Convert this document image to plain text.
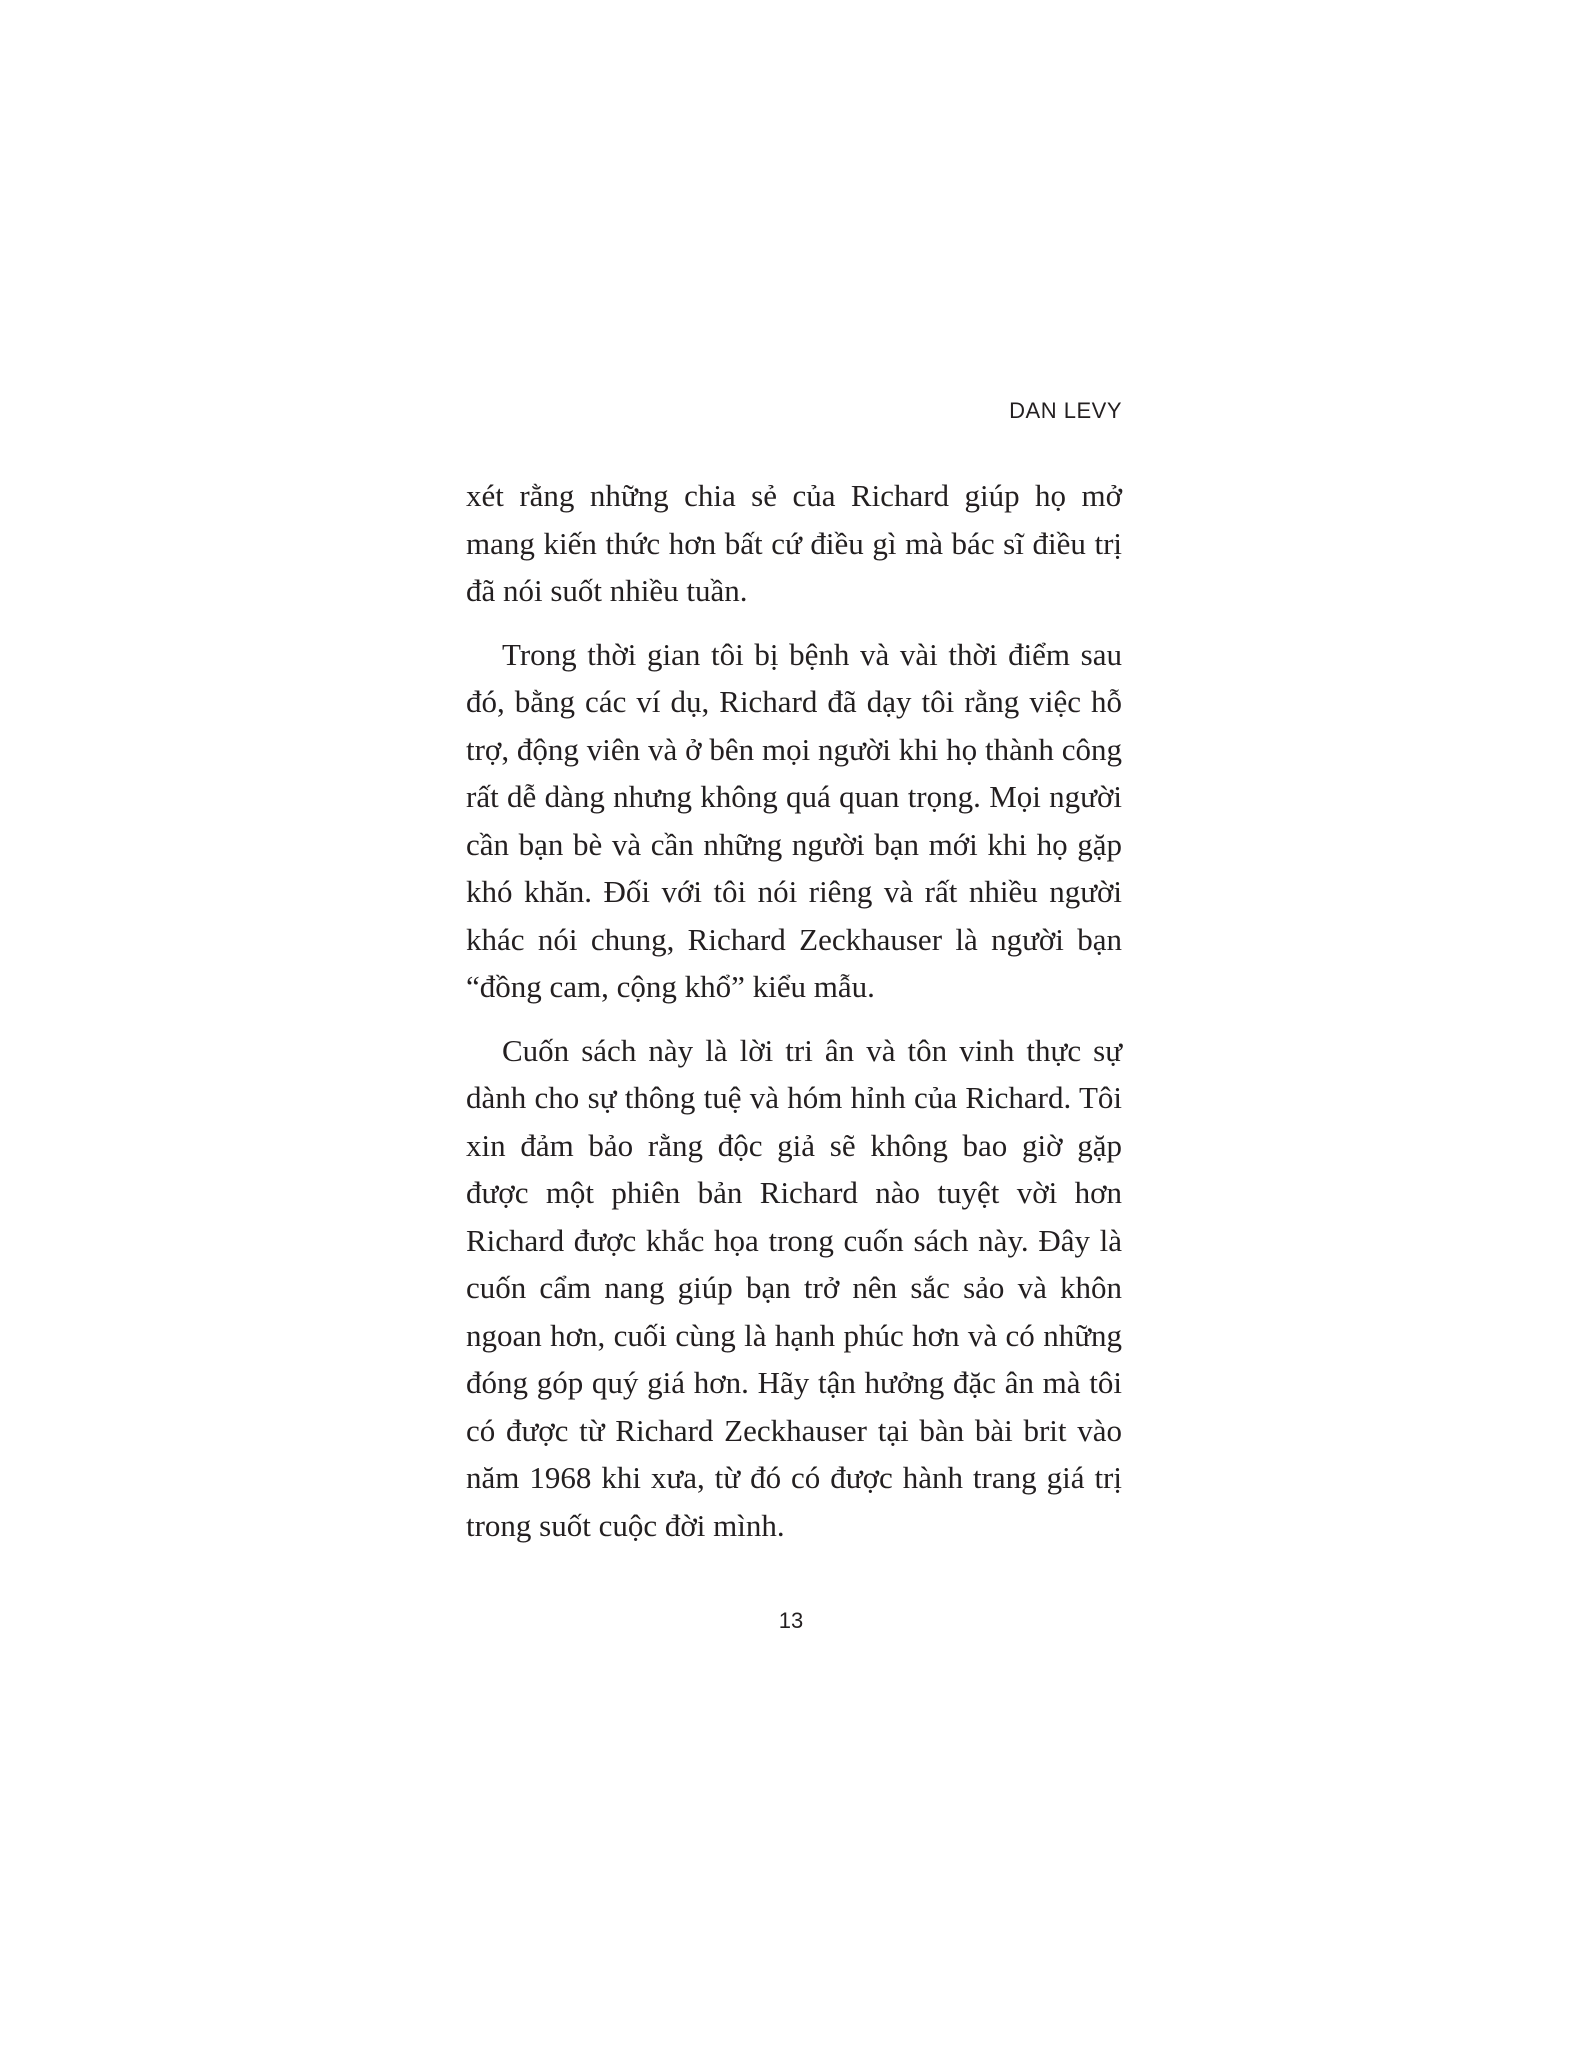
DAN LEVY

xét rằng những chia sẻ của Richard giúp họ mở mang kiến thức hơn bất cứ điều gì mà bác sĩ điều trị đã nói suốt nhiều tuần.

Trong thời gian tôi bị bệnh và vài thời điểm sau đó, bằng các ví dụ, Richard đã dạy tôi rằng việc hỗ trợ, động viên và ở bên mọi người khi họ thành công rất dễ dàng nhưng không quá quan trọng. Mọi người cần bạn bè và cần những người bạn mới khi họ gặp khó khăn. Đối với tôi nói riêng và rất nhiều người khác nói chung, Richard Zeckhauser là người bạn “đồng cam, cộng khổ” kiểu mẫu.

Cuốn sách này là lời tri ân và tôn vinh thực sự dành cho sự thông tuệ và hóm hỉnh của Richard. Tôi xin đảm bảo rằng độc giả sẽ không bao giờ gặp được một phiên bản Richard nào tuyệt vời hơn Richard được khắc họa trong cuốn sách này. Đây là cuốn cẩm nang giúp bạn trở nên sắc sảo và khôn ngoan hơn, cuối cùng là hạnh phúc hơn và có những đóng góp quý giá hơn. Hãy tận hưởng đặc ân mà tôi có được từ Richard Zeckhauser tại bàn bài brit vào năm 1968 khi xưa, từ đó có được hành trang giá trị trong suốt cuộc đời mình.

13
